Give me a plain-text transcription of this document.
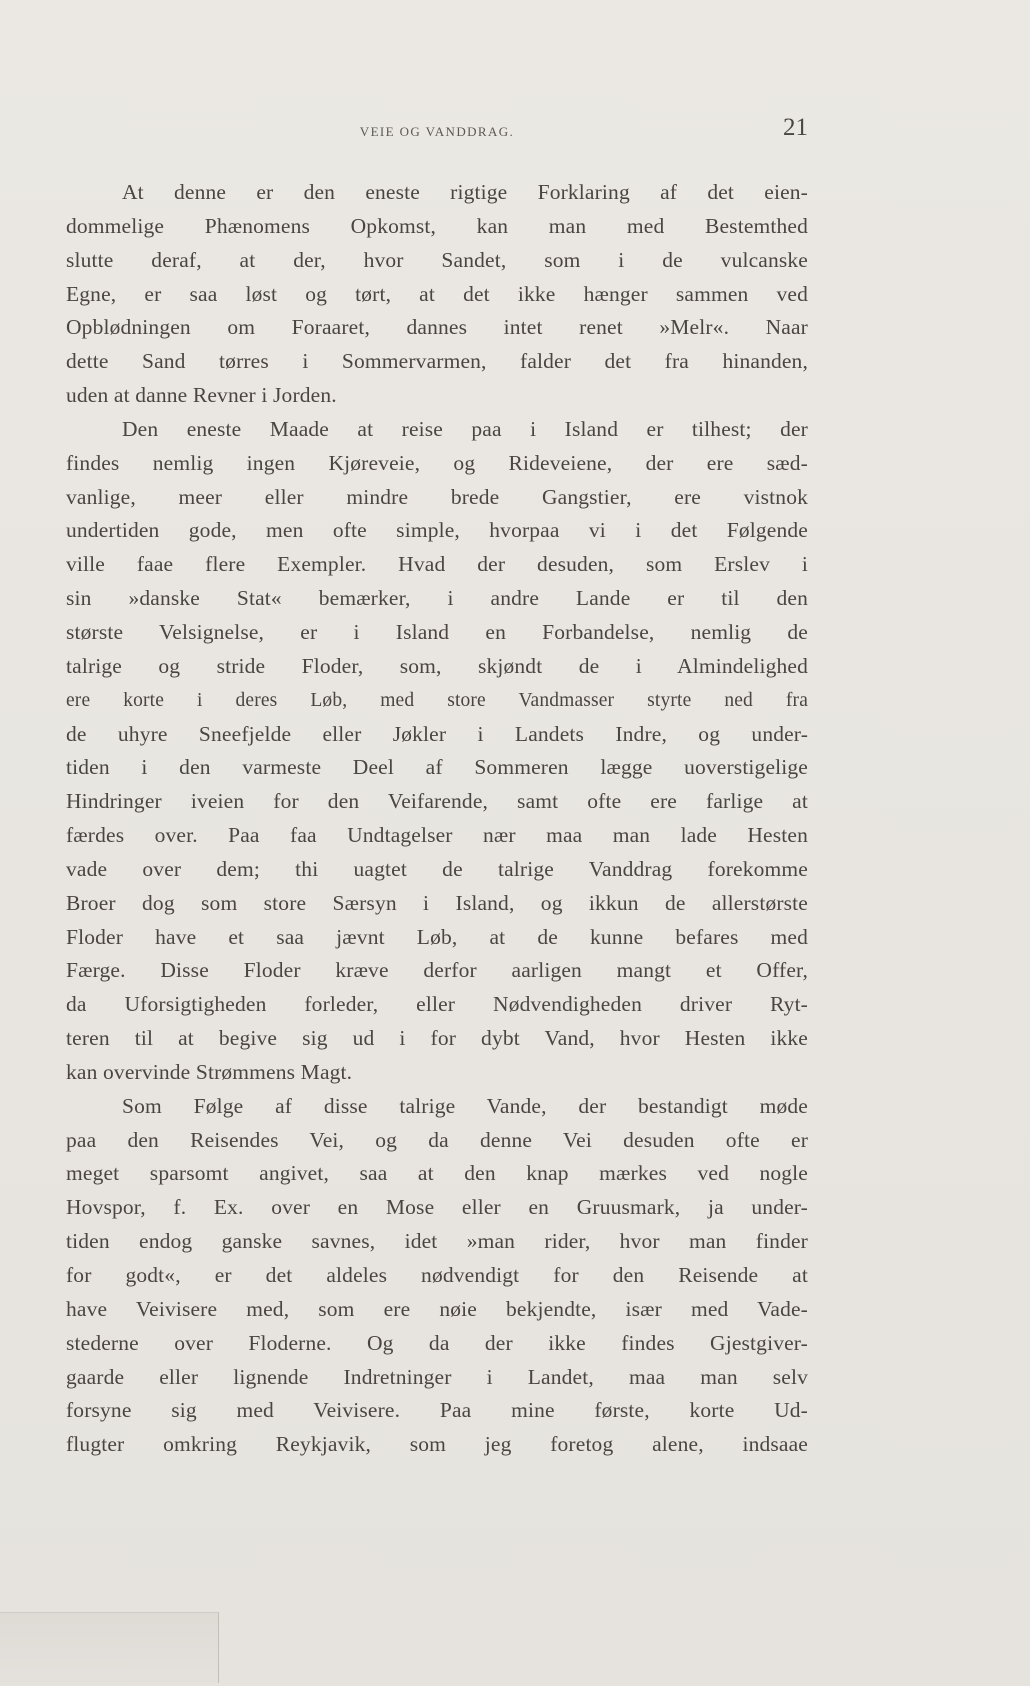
VEIE OG VANDDRAG.	21
At denne er den eneste rigtige Forklaring af det eien-
dommelige Phænomens Opkomst, kan man med Bestemthed
slutte deraf, at der, hvor Sandet, som i de vulcanske
Egne, er saa løst og tørt, at det ikke hænger sammen ved
Opblødningen om Foraaret, dannes intet renet »Melr«. Naar
dette Sand tørres i Sommervarmen, falder det fra hinanden,
uden at danne Revner i Jorden.
Den eneste Maade at reise paa i Island er tilhest; der
findes nemlig ingen Kjøreveie, og Rideveiene, der ere sæd-
vanlige, meer eller mindre brede Gangstier, ere vistnok
undertiden gode, men ofte simple, hvorpaa vi i det Følgende
ville faae flere Exempler. Hvad der desuden, som Erslev i
sin »danske Stat« bemærker, i andre Lande er til den
største Velsignelse, er i Island en Forbandelse, nemlig de
talrige og stride Floder, som, skjøndt de i Almindelighed
ere korte i deres Løb, med store Vandmasser styrte ned fra
de uhyre Sneefjelde eller Jøkler i Landets Indre, og under-
tiden i den varmeste Deel af Sommeren lægge uoverstigelige
Hindringer iveien for den Veifarende, samt ofte ere farlige at
færdes over. Paa faa Undtagelser nær maa man lade Hesten
vade over dem; thi uagtet de talrige Vanddrag forekomme
Broer dog som store Særsyn i Island, og ikkun de allerstørste
Floder have et saa jævnt Løb, at de kunne befares med
Færge. Disse Floder kræve derfor aarligen mangt et Offer,
da Uforsigtigheden forleder, eller Nødvendigheden driver Ryt-
teren til at begive sig ud i for dybt Vand, hvor Hesten ikke
kan overvinde Strømmens Magt.
Som Følge af disse talrige Vande, der bestandigt møde
paa den Reisendes Vei, og da denne Vei desuden ofte er
meget sparsomt angivet, saa at den knap mærkes ved nogle
Hovspor, f. Ex. over en Mose eller en Gruusmark, ja under-
tiden endog ganske savnes, idet »man rider, hvor man finder
for godt«, er det aldeles nødvendigt for den Reisende at
have Veivisere med, som ere nøie bekjendte, især med Vade-
stederne over Floderne. Og da der ikke findes Gjestgiver-
gaarde eller lignende Indretninger i Landet, maa man selv
forsyne sig med Veivisere. Paa mine første, korte Ud-
flugter omkring Reykjavik, som jeg foretog alene, indsaae
